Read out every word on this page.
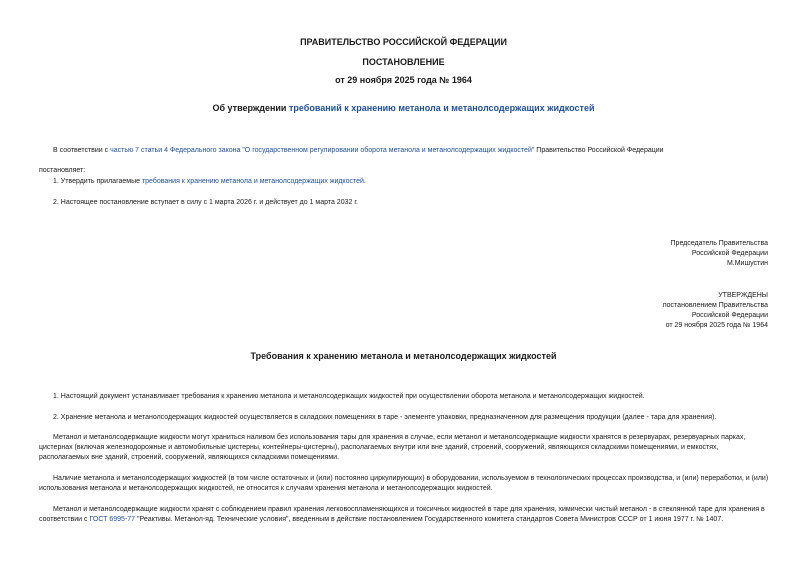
ПРАВИТЕЛЬСТВО РОССИЙСКОЙ ФЕДЕРАЦИИ
ПОСТАНОВЛЕНИЕ
от 29 ноября 2025 года № 1964
Об утверждении требований к хранению метанола и метанолсодержащих жидкостей
В соответствии с частью 7 статьи 4 Федерального закона "О государственном регулировании оборота метанола и метанолсодержащих жидкостей" Правительство Российской Федерации
постановляет:
1. Утвердить прилагаемые требования к хранению метанола и метанолсодержащих жидкостей.
2. Настоящее постановление вступает в силу с 1 марта 2026 г. и действует до 1 марта 2032 г.
Председатель Правительства
Российской Федерации
М.Мишустин
УТВЕРЖДЕНЫ
постановлением Правительства
Российской Федерации
от 29 ноября 2025 года № 1964
Требования к хранению метанола и метанолсодержащих жидкостей
1. Настоящий документ устанавливает требования к хранению метанола и метанолсодержащих жидкостей при осуществлении оборота метанола и метанолсодержащих жидкостей.
2. Хранение метанола и метанолсодержащих жидкостей осуществляется в складских помещениях в таре - элементе упаковки, предназначенном для размещения продукции (далее - тара для хранения).
Метанол и метанолсодержащие жидкости могут храниться наливом без использования тары для хранения в случае, если метанол и метанолсодержащие жидкости хранятся в резервуарах, резервуарных парках, цистернах (включая железнодорожные и автомобильные цистерны, контейнеры-цистерны), располагаемых внутри или вне зданий, строений, сооружений, являющихся складскими помещениями, и емкостях, располагаемых вне зданий, строений, сооружений, являющихся складскими помещениями.
Наличие метанола и метанолсодержащих жидкостей (в том числе остаточных и (или) постоянно циркулирующих) в оборудовании, используемом в технологических процессах производства, и (или) переработки, и (или) использования метанола и метанолсодержащих жидкостей, не относится к случаям хранения метанола и метанолсодержащих жидкостей.
Метанол и метанолсодержащие жидкости хранят с соблюдением правил хранения легковоспламеняющихся и токсичных жидкостей в таре для хранения, химически чистый метанол - в стеклянной таре для хранения в соответствии с ГОСТ 6995-77 "Реактивы. Метанол-яд. Технические условия", введенным в действие постановлением Государственного комитета стандартов Совета Министров СССР от 1 июня 1977 г. № 1407.
